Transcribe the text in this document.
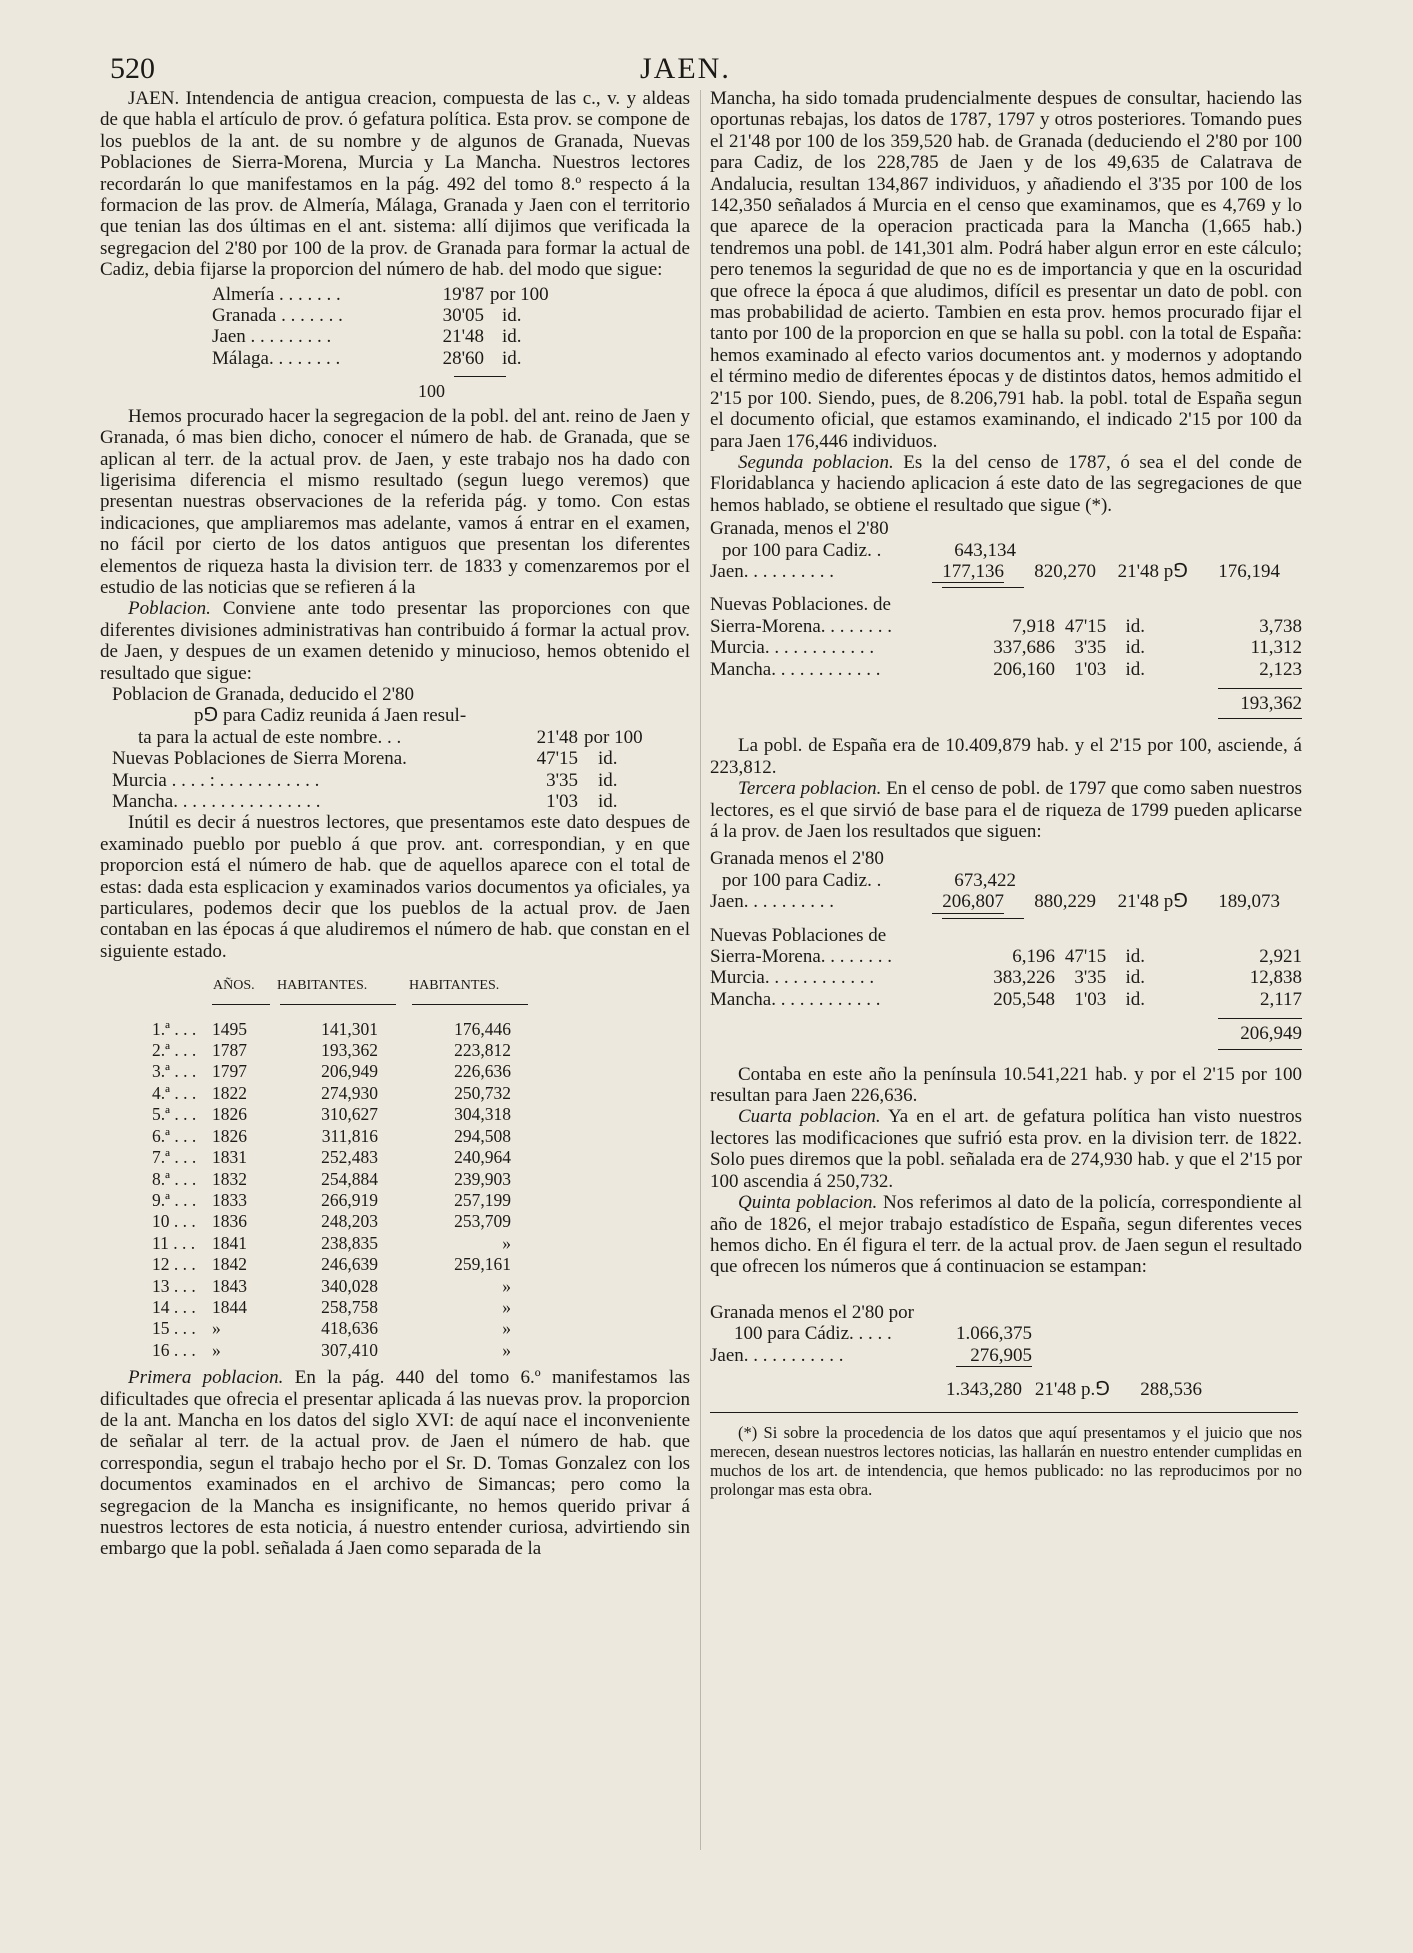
520	JAEN.

JAEN. Intendencia de antigua creacion, compuesta de las c., v. y aldeas de que habla el artículo de prov. ó gefatura política. Esta prov. se compone de los pueblos de la ant. de su nombre y de algunos de Granada, Nuevas Poblaciones de Sierra-Morena, Murcia y La Mancha. Nuestros lectores recordarán lo que manifestamos en la pág. 492 del tomo 8.º respecto á la formacion de las prov. de Almería, Málaga, Granada y Jaen con el territorio que tenian las dos últimas en el ant. sistema: allí dijimos que verificada la segregacion del 2'80 por 100 de la prov. de Granada para formar la actual de Cadiz, debia fijarse la proporcion del número de hab. del modo que sigue:

Almería . . . . . . .	19'87	por 100
Granada . . . . . . .	30'05	id.
Jaen . . . . . . . . .	21'48	id.
Málaga. . . . . . . .	28'60	id.
100

Hemos procurado hacer la segregacion de la pobl. del ant. reino de Jaen y Granada, ó mas bien dicho, conocer el número de hab. de Granada, que se aplican al terr. de la actual prov. de Jaen, y este trabajo nos ha dado con ligerisima diferencia el mismo resultado (segun luego veremos) que presentan nuestras observaciones de la referida pág. y tomo. Con estas indicaciones, que ampliaremos mas adelante, vamos á entrar en el examen, no fácil por cierto de los datos antiguos que presentan los diferentes elementos de riqueza hasta la division terr. de 1833 y comenzaremos por el estudio de las noticias que se refieren á la

Poblacion. Conviene ante todo presentar las proporciones con que diferentes divisiones administrativas han contribuido á formar la actual prov. de Jaen, y despues de un examen detenido y minucioso, hemos obtenido el resultado que sigue:

Poblacion de Granada, deducido el 2'80
p⅁ para Cadiz reunida á Jaen resul-
ta para la actual de este nombre. . .	21'48	por 100
Nuevas Poblaciones de Sierra Morena.	47'15	id.
Murcia . . . . : . . . . . . . . . . .	3'35	id.
Mancha. . . . . . . . . . . . . . . .	1'03	id.

Inútil es decir á nuestros lectores, que presentamos este dato despues de examinado pueblo por pueblo á que prov. ant. correspondian, y en que proporcion está el número de hab. que de aquellos aparece con el total de estas: dada esta esplicacion y examinados varios documentos ya oficiales, ya particulares, podemos decir que los pueblos de la actual prov. de Jaen contaban en las épocas á que aludiremos el número de hab. que constan en el siguiente estado.

	AÑOS.	HABITANTES.	HABITANTES.

1.ª . . .	1495	141,301	176,446
2.ª . . .	1787	193,362	223,812
3.ª . . .	1797	206,949	226,636
4.ª . . .	1822	274,930	250,732
5.ª . . .	1826	310,627	304,318
6.ª . . .	1826	311,816	294,508
7.ª . . .	1831	252,483	240,964
8.ª . . .	1832	254,884	239,903
9.ª . . .	1833	266,919	257,199
10 . . .	1836	248,203	253,709
11 . . .	1841	238,835	»
12 . . .	1842	246,639	259,161
13 . . .	1843	340,028	»
14 . . .	1844	258,758	»
15 . . .	»	418,636	»
16 . . .	»	307,410	»

Primera poblacion. En la pág. 440 del tomo 6.º manifestamos las dificultades que ofrecia el presentar aplicada á las nuevas prov. la proporcion de la ant. Mancha en los datos del siglo XVI: de aquí nace el inconveniente de señalar al terr. de la actual prov. de Jaen el número de hab. que correspondia, segun el trabajo hecho por el Sr. D. Tomas Gonzalez con los documentos examinados en el archivo de Simancas; pero como la segregacion de la Mancha es insignificante, no hemos querido privar á nuestros lectores de esta noticia, á nuestro entender curiosa, advirtiendo sin embargo que la pobl. señalada á Jaen como separada de la

Mancha, ha sido tomada prudencialmente despues de consultar, haciendo las oportunas rebajas, los datos de 1787, 1797 y otros posteriores. Tomando pues el 21'48 por 100 de los 359,520 hab. de Granada (deduciendo el 2'80 por 100 para Cadiz, de los 228,785 de Jaen y de los 49,635 de Calatrava de Andalucia, resultan 134,867 individuos, y añadiendo el 3'35 por 100 de los 142,350 señalados á Murcia en el censo que examinamos, que es 4,769 y lo que aparece de la operacion practicada para la Mancha (1,665 hab.) tendremos una pobl. de 141,301 alm. Podrá haber algun error en este cálculo; pero tenemos la seguridad de que no es de importancia y que en la oscuridad que ofrece la época á que aludimos, difícil es presentar un dato de pobl. con mas probabilidad de acierto. Tambien en esta prov. hemos procurado fijar el tanto por 100 de la proporcion en que se halla su pobl. con la total de España: hemos examinado al efecto varios documentos ant. y modernos y adoptando el término medio de diferentes épocas y de distintos datos, hemos admitido el 2'15 por 100. Siendo, pues, de 8.206,791 hab. la pobl. total de España segun el documento oficial, que estamos examinando, el indicado 2'15 por 100 da para Jaen 176,446 individuos.

Segunda poblacion. Es la del censo de 1787, ó sea el del conde de Floridablanca y haciendo aplicacion á este dato de las segregaciones de que hemos hablado, se obtiene el resultado que sigue (*).

Granada, menos el 2'80
por 100 para Cadiz. .	643,134
Jaen. . . . . . . . . .	177,136	820,270	21'48 p⅁	176,194
Nuevas Poblaciones. de
Sierra-Morena. . . . . . . .	7,918	47'15	id.	3,738
Murcia. . . . . . . . . . . .	337,686	3'35	id.	11,312
Mancha. . . . . . . . . . . .	206,160	1'03	id.	2,123
193,362

La pobl. de España era de 10.409,879 hab. y el 2'15 por 100, asciende, á 223,812.

Tercera poblacion. En el censo de pobl. de 1797 que como saben nuestros lectores, es el que sirvió de base para el de riqueza de 1799 pueden aplicarse á la prov. de Jaen los resultados que siguen:

Granada menos el 2'80
por 100 para Cadiz. .	673,422
Jaen. . . . . . . . . .	206,807	880,229	21'48 p⅁	189,073
Nuevas Poblaciones de
Sierra-Morena. . . . . . . .	6,196	47'15	id.	2,921
Murcia. . . . . . . . . . . .	383,226	3'35	id.	12,838
Mancha. . . . . . . . . . . .	205,548	1'03	id.	2,117
206,949

Contaba en este año la península 10.541,221 hab. y por el 2'15 por 100 resultan para Jaen 226,636.

Cuarta poblacion. Ya en el art. de gefatura política han visto nuestros lectores las modificaciones que sufrió esta prov. en la division terr. de 1822. Solo pues diremos que la pobl. señalada era de 274,930 hab. y que el 2'15 por 100 ascendia á 250,732.

Quinta poblacion. Nos referimos al dato de la policía, correspondiente al año de 1826, el mejor trabajo estadístico de España, segun diferentes veces hemos dicho. En él figura el terr. de la actual prov. de Jaen segun el resultado que ofrecen los números que á continuacion se estampan:

Granada menos el 2'80 por
100 para Cádiz. . . . .	1.066,375
Jaen. . . . . . . . . . .	276,905
	1.343,280	21'48 p.⅁	288,536

(*) Si sobre la procedencia de los datos que aquí presentamos y el juicio que nos merecen, desean nuestros lectores noticias, las hallarán en nuestro entender cumplidas en muchos de los art. de intendencia, que hemos publicado: no las reproducimos por no prolongar mas esta obra.
